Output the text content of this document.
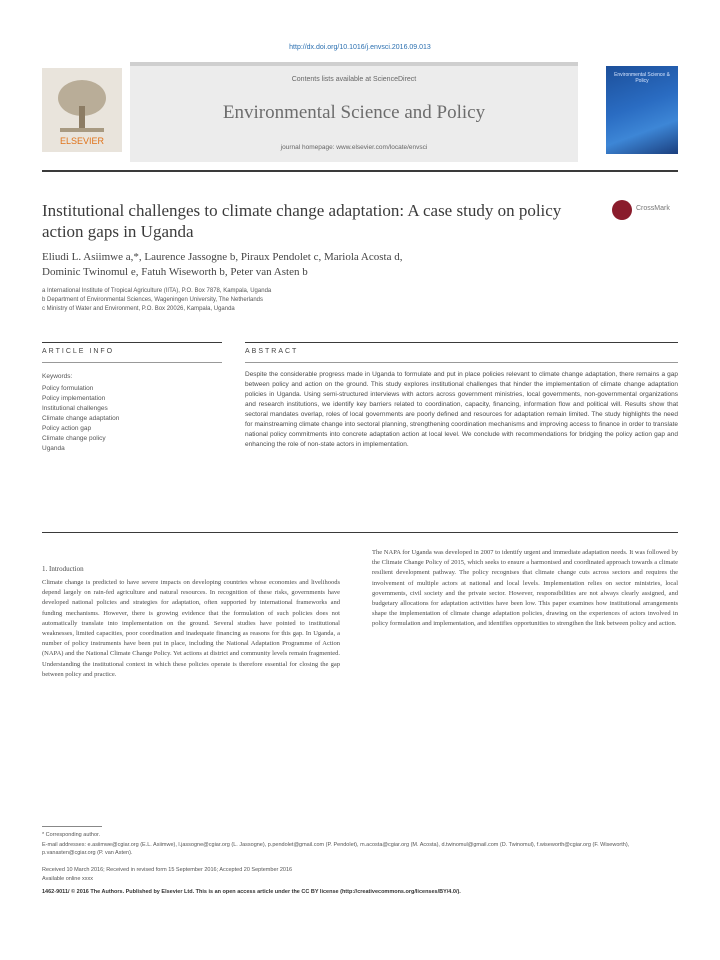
http://dx.doi.org/10.1016/j.envsci.2016.09.013
ELSEVIER
Contents lists available at ScienceDirect
Environmental Science and Policy
journal homepage: www.elsevier.com/locate/envsci
Environmental Science & Policy
Institutional challenges to climate change adaptation: A case study on policy action gaps in Uganda
CrossMark
Eliudi L. Asiimwe a,*, Laurence Jassogne b, Piraux Pendolet c, Mariola Acosta d,
Dominic Twinomul e, Fatuh Wiseworth b, Peter van Asten b
a International Institute of Tropical Agriculture (IITA), P.O. Box 7878, Kampala, Uganda
b Department of Environmental Sciences, Wageningen University, The Netherlands
c Ministry of Water and Environment, P.O. Box 20026, Kampala, Uganda
ARTICLE INFO	ABSTRACT
Keywords:
Policy formulation
Policy implementation
Institutional challenges
Climate change adaptation
Policy action gap
Climate change policy
Uganda
Despite the considerable progress made in Uganda to formulate and put in place policies relevant to climate change adaptation, there remains a gap between policy and action on the ground. This study explores institutional challenges that hinder the implementation of climate change adaptation policies in Uganda. Using semi-structured interviews with actors across government ministries, local governments, non-governmental organizations and research institutions, we identify key barriers related to coordination, capacity, financing, information flow and political will. Results show that sectoral mandates overlap, roles of local governments are poorly defined and resources for adaptation remain limited. The study highlights the need for mainstreaming climate change into sectoral planning, strengthening coordination mechanisms and improving access to finance in order to translate national policy commitments into concrete adaptation action at local level. We conclude with recommendations for bridging the policy action gap and enhancing the role of non-state actors in implementation.
1. Introduction
Climate change is predicted to have severe impacts on developing countries whose economies and livelihoods depend largely on rain-fed agriculture and natural resources. In recognition of these risks, governments have developed national policies and strategies for adaptation, often supported by international frameworks and funding mechanisms. However, there is growing evidence that the formulation of such policies does not automatically translate into implementation on the ground. Several studies have pointed to institutional weaknesses, limited capacities, poor coordination and inadequate financing as reasons for this gap. In Uganda, a number of policy instruments have been put in place, including the National Adaptation Programme of Action (NAPA) and the National Climate Change Policy. Yet actions at district and community levels remain fragmented. Understanding the institutional context in which these policies operate is therefore essential for closing the gap between policy and practice.
The NAPA for Uganda was developed in 2007 to identify urgent and immediate adaptation needs. It was followed by the Climate Change Policy of 2015, which seeks to ensure a harmonised and coordinated approach towards a climate resilient development pathway. The policy recognises that climate change cuts across sectors and requires the involvement of multiple actors at national and local levels. Implementation relies on sector ministries, local governments, civil society and the private sector. However, responsibilities are not always clearly assigned, and budgetary allocations for adaptation activities have been low. This paper examines how institutional arrangements shape the implementation of climate change adaptation policies, drawing on the experiences of actors involved in policy formulation and implementation, and identifies opportunities to strengthen the link between policy and action.
* Corresponding author.
E-mail addresses: e.asiimwe@cgiar.org (E.L. Asiimwe), l.jassogne@cgiar.org (L. Jassogne), p.pendolet@gmail.com (P. Pendolet), m.acosta@cgiar.org (M. Acosta), d.twinomul@gmail.com (D. Twinomul), f.wiseworth@cgiar.org (F. Wiseworth), p.vanasten@cgiar.org (P. van Asten).
Received 10 March 2016; Received in revised form 15 September 2016; Accepted 20 September 2016
Available online xxxx
1462-9011/ © 2016 The Authors. Published by Elsevier Ltd. This is an open access article under the CC BY license (http://creativecommons.org/licenses/BY/4.0/).
